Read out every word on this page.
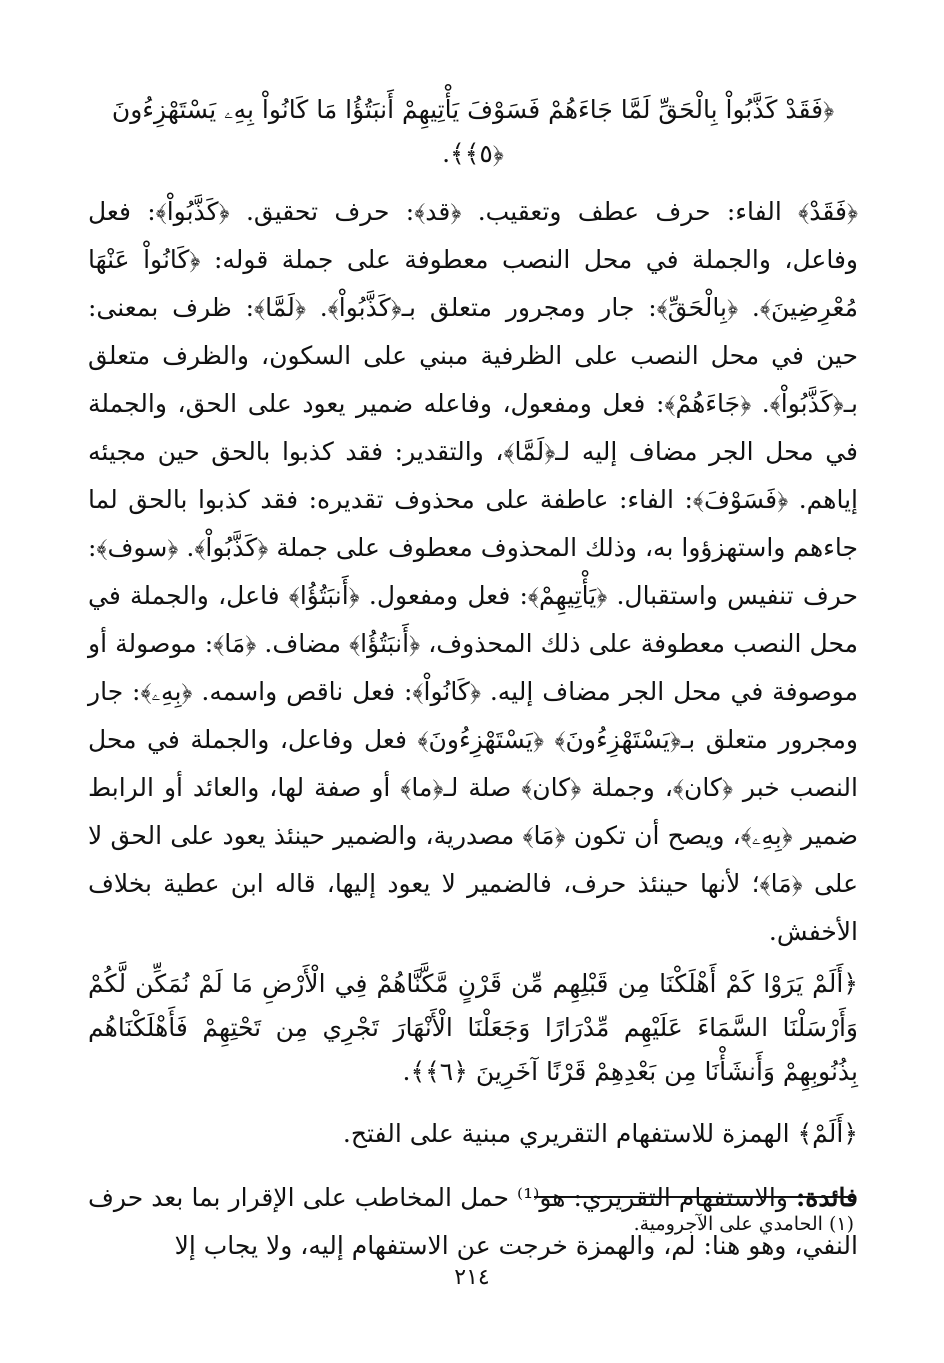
﴿فَقَدْ كَذَّبُواْ بِالْحَقِّ لَمَّا جَاءَهُمْ فَسَوْفَ يَأْتِيهِمْ أَنبَتُؤُا مَا كَانُواْ بِهِۦ يَسْتَهْزِءُونَ ﴿٥﴾﴾.

﴿فَقَدْ﴾ الفاء: حرف عطف وتعقيب. ﴿قد﴾: حرف تحقيق. ﴿كَذَّبُواْ﴾: فعل وفاعل، والجملة في محل النصب معطوفة على جملة قوله: ﴿كَانُواْ عَنْهَا مُعْرِضِينَ﴾. ﴿بِالْحَقِّ﴾: جار ومجرور متعلق بـ﴿كَذَّبُواْ﴾. ﴿لَمَّا﴾: ظرف بمعنى: حين في محل النصب على الظرفية مبني على السكون، والظرف متعلق بـ﴿كَذَّبُواْ﴾. ﴿جَاءَهُمْ﴾: فعل ومفعول، وفاعله ضمير يعود على الحق، والجملة في محل الجر مضاف إليه لـ﴿لَمَّا﴾، والتقدير: فقد كذبوا بالحق حين مجيئه إياهم. ﴿فَسَوْفَ﴾: الفاء: عاطفة على محذوف تقديره: فقد كذبوا بالحق لما جاءهم واستهزؤوا به، وذلك المحذوف معطوف على جملة ﴿كَذَّبُواْ﴾. ﴿سوف﴾: حرف تنفيس واستقبال. ﴿يَأْتِيهِمْ﴾: فعل ومفعول. ﴿أَنبَتُؤُا﴾ فاعل، والجملة في محل النصب معطوفة على ذلك المحذوف، ﴿أَنبَتُؤُا﴾ مضاف. ﴿مَا﴾: موصولة أو موصوفة في محل الجر مضاف إليه. ﴿كَانُواْ﴾: فعل ناقص واسمه. ﴿بِهِۦ﴾: جار ومجرور متعلق بـ﴿يَسْتَهْزِءُونَ﴾ ﴿يَسْتَهْزِءُونَ﴾ فعل وفاعل، والجملة في محل النصب خبر ﴿كان﴾، وجملة ﴿كان﴾ صلة لـ﴿ما﴾ أو صفة لها، والعائد أو الرابط ضمير ﴿بِهِۦ﴾، ويصح أن تكون ﴿مَا﴾ مصدرية، والضمير حينئذ يعود على الحق لا على ﴿مَا﴾؛ لأنها حينئذ حرف، فالضمير لا يعود إليها، قاله ابن عطية بخلاف الأخفش.

﴿أَلَمْ يَرَوْا كَمْ أَهْلَكْنَا مِن قَبْلِهِم مِّن قَرْنٍ مَّكَّنَّاهُمْ فِي الْأَرْضِ مَا لَمْ نُمَكِّن لَّكُمْ وَأَرْسَلْنَا السَّمَاءَ عَلَيْهِم مِّدْرَارًا وَجَعَلْنَا الْأَنْهَارَ تَجْرِي مِن تَحْتِهِمْ فَأَهْلَكْنَاهُم بِذُنُوبِهِمْ وَأَنشَأْنَا مِن بَعْدِهِمْ قَرْنًا آخَرِينَ ﴿٦﴾﴾.

﴿أَلَمْ﴾ الهمزة للاستفهام التقريري مبنية على الفتح.

فائدة: والاستفهام التقريري: هو⁽¹⁾ حمل المخاطب على الإقرار بما بعد حرف النفي، وهو هنا: لم، والهمزة خرجت عن الاستفهام إليه، ولا يجاب إلا

(١) الحامدي على الآجرومية.
٢١٤
